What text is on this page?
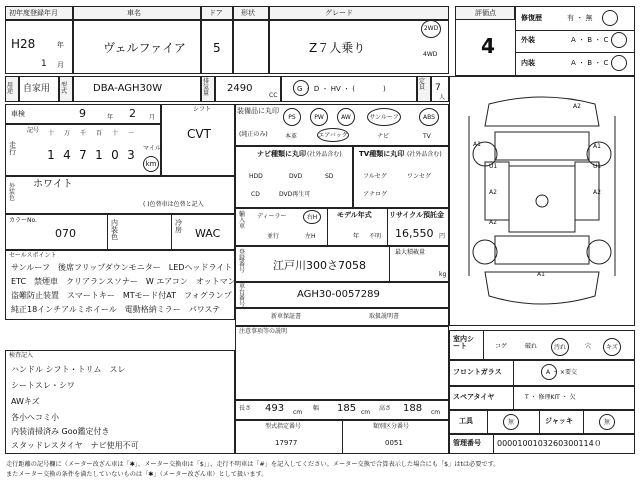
初年度登録年月
H28	年
1 月
車名
ヴェルファイア
ドア
5
形状	グレード
Z７人乗り
2WD
4WD
評価点
4
修復歴	有 ・ 無
外装	A ・ B ・ C
内装	A ・ B ・ C
用途	自家用 型式	DBA-AGH30W
排気量	2490
CC
G ・ D ・ HV ・ (　　　　)
定員	7
人
車検	9	年 2 月
シフト
CVT
走行
記号	十	万	千	百	十	一
1 4 7 1 0 3	マイル
km
外装色
ホワイト
( )色替車は色替と記入
カラーNo.
070
内装色
冷房 WAC
装備品に丸印
(純正のみ)
PS	PW	AW	サンルーフ	ABS
本革	エアバック	ナビ	TV
ナビ種類に丸印 (社外品含む)
HDD	DVD	SD
CD	DVD再生可
TV種類に丸印 (社外品含む)
フルセグ	ワンセグ
アナログ
輸入車
ディーラー	右H
並行	左H
モデル年式
年 不明
リサイクル預託金
16,550 円
セールスポイント
サンルーフ　後席フリップダウンモニター　LEDヘッドライト
ETC　禁煙車　クリアランスソナー　W エアコン　オットマン
盗難防止装置　スマートキー　MTモード付AT　フォグランプ
純正18インチアルミホイール　電動格納ミラー　パワステ
登録番号	江戸川300さ7058
最大積載量
kg
車台番号
AGH30-0057289
新車保証書	取扱説明書
注意事項等の説明
検査記入
ハンドル シフト・トリム　スレ
シートスレ・シワ
AWキズ
各小へコミ小
内装清掃済み Goo鑑定付き
スタッドレスタイヤ　ナビ使用不可
長さ 493 cm
幅 185 cm
高さ 188 cm
型式指定番号
17977
類別区分番号
0051
A2
A1	A1
U1
A2
U1
A2
A2
A1
室内シート	コゲ	破れ	汚れ	穴	キズ
フロントガラス	A ・ ×要交
スペアタイヤ	T ・ 修理KIT ・ 欠
工具	無	ジャッキ	無
管理番号 0000100103260300114０
走行距離の記号欄に（メーター改ざん車は「✱」、メーター交換車は「$」」、走行不明車は「#」を記入してください。メーター交換で合算表示した場合にも「$」はtは必要です。
またメーター交換の条件を満たしていないものは「✱」（メーター改ざん車）として扱います。
